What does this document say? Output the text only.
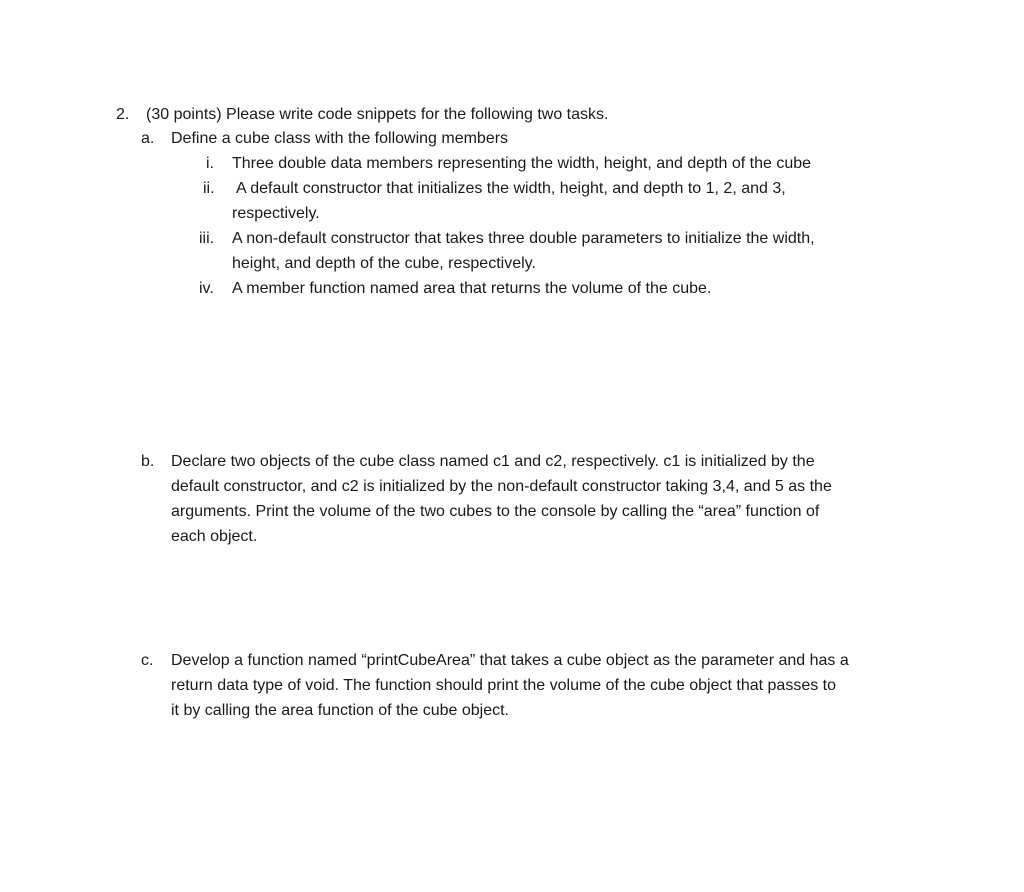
2. (30 points) Please write code snippets for the following two tasks.
a. Define a cube class with the following members
i. Three double data members representing the width, height, and depth of the cube
ii. A default constructor that initializes the width, height, and depth to 1, 2, and 3,
respectively.
iii. A non-default constructor that takes three double parameters to initialize the width,
height, and depth of the cube, respectively.
iv. A member function named area that returns the volume of the cube.
b. Declare two objects of the cube class named c1 and c2, respectively. c1 is initialized by the
default constructor, and c2 is initialized by the non-default constructor taking 3,4, and 5 as the
arguments. Print the volume of the two cubes to the console by calling the “area” function of
each object.
c. Develop a function named “printCubeArea” that takes a cube object as the parameter and has a
return data type of void. The function should print the volume of the cube object that passes to
it by calling the area function of the cube object.
